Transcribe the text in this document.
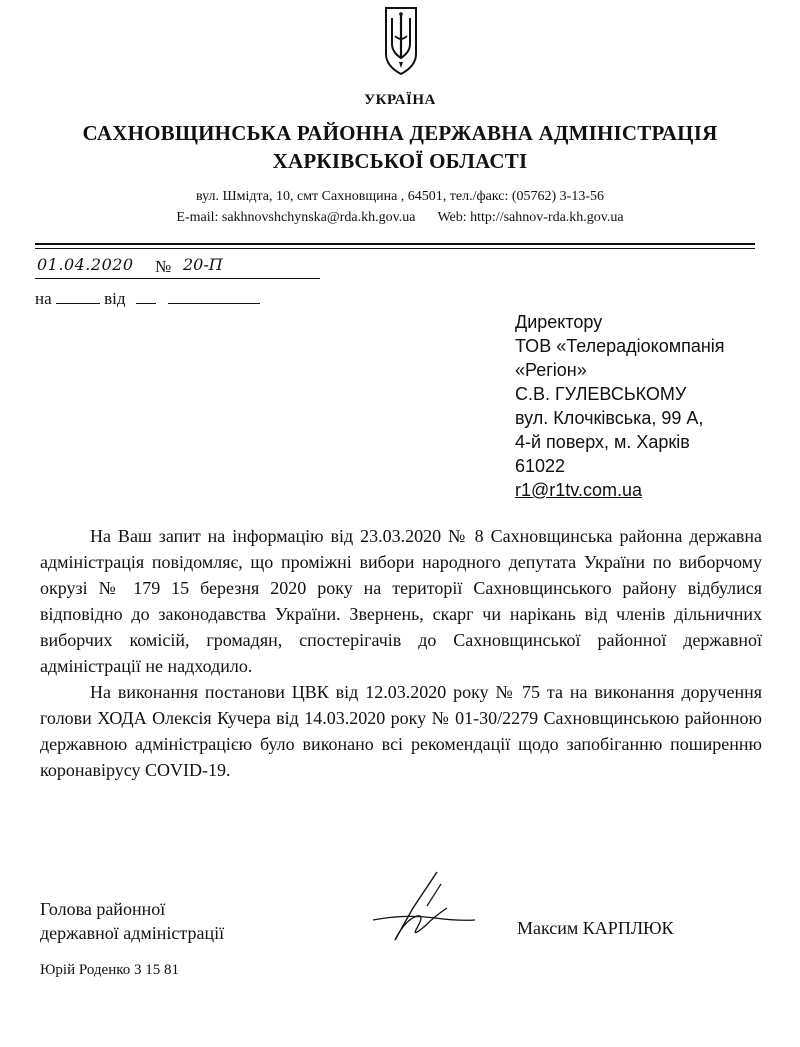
УКРАЇНА
САХНОВЩИНСЬКА РАЙОННА ДЕРЖАВНА АДМІНІСТРАЦІЯ
ХАРКІВСЬКОЇ ОБЛАСТІ
вул. Шмідта, 10, смт Сахновщина , 64501, тел./факс: (05762) 3-13-56
E-mail: sakhnovshchynska@rda.kh.gov.ua Web: http://sahnov-rda.kh.gov.ua
01.04.2020 № 20-П
на	від
Директору
ТОВ «Телерадіокомпанія
«Регіон»
С.В. ГУЛЕВСЬКОМУ
вул. Клочківська, 99 А,
4-й поверх, м. Харків
61022
r1@r1tv.com.ua

На Ваш запит на інформацію від 23.03.2020 № 8 Сахновщинська районна державна адміністрація повідомляє, що проміжні вибори народного депутата України по виборчому окрузі № 179 15 березня 2020 року на території Сахновщинського району відбулися відповідно до законодавства України. Звернень, скарг чи нарікань від членів дільничних виборчих комісій, громадян, спостерігачів до Сахновщинської районної державної адміністрації не надходило.

На виконання постанови ЦВК від 12.03.2020 року № 75 та на виконання доручення голови ХОДА Олексія Кучера від 14.03.2020 року № 01-30/2279 Сахновщинською районною державною адміністрацією було виконано всі рекомендації щодо запобіганню поширенню коронавірусу COVID-19.

Голова районної
державної адміністрації	Максим КАРПЛЮК
Юрій Роденко 3 15 81
